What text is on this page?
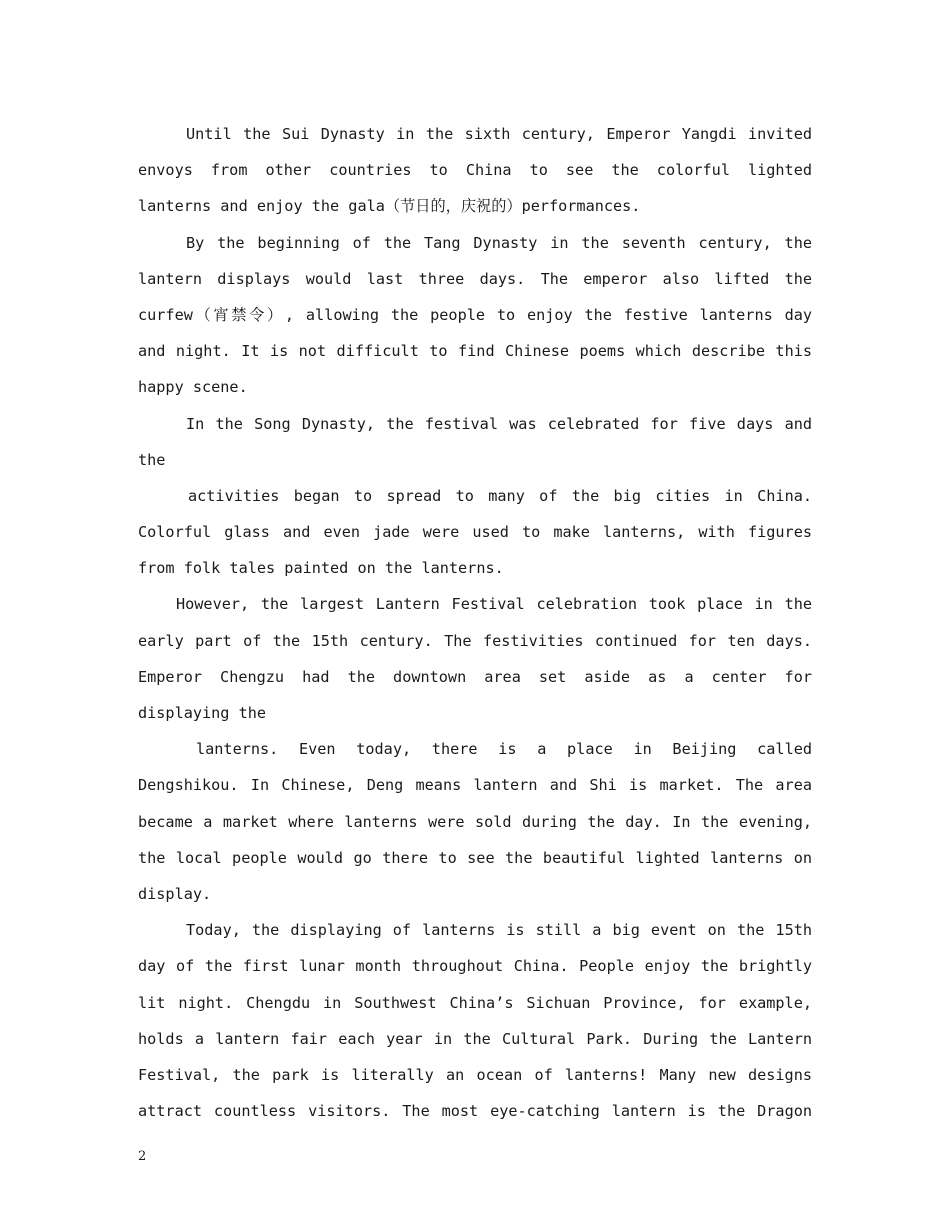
Until the Sui Dynasty in the sixth century, Emperor Yangdi invited
envoys from other countries to China to see the colorful lighted
lanterns and enjoy the gala（节日的，庆祝的）performances.
By the beginning of the Tang Dynasty in the seventh century, the
lantern displays would last three days. The emperor also lifted the
curfew（宵禁令）, allowing the people to enjoy the festive lanterns day
and night. It is not difficult to find Chinese poems which describe this
happy scene.
In the Song Dynasty, the festival was celebrated for five days and
the
activities began to spread to many of the big cities in China.
Colorful glass and even jade were used to make lanterns, with figures
from folk tales painted on the lanterns.
However, the largest Lantern Festival celebration took place in the
early part of the 15th century. The festivities continued for ten days.
Emperor Chengzu had the downtown area set aside as a center for
displaying the
lanterns. Even today, there is a place in Beijing called
Dengshikou. In Chinese, Deng means lantern and Shi is market. The area
became a market where lanterns were sold during the day. In the evening,
the local people would go there to see the beautiful lighted lanterns on
display.
Today, the displaying of lanterns is still a big event on the 15th
day of the first lunar month throughout China. People enjoy the brightly
lit night. Chengdu in Southwest China’s Sichuan Province, for example,
holds a lantern fair each year in the Cultural Park. During the Lantern
Festival, the park is literally an ocean of lanterns! Many new designs
attract countless visitors. The most eye-catching lantern is the Dragon
2
